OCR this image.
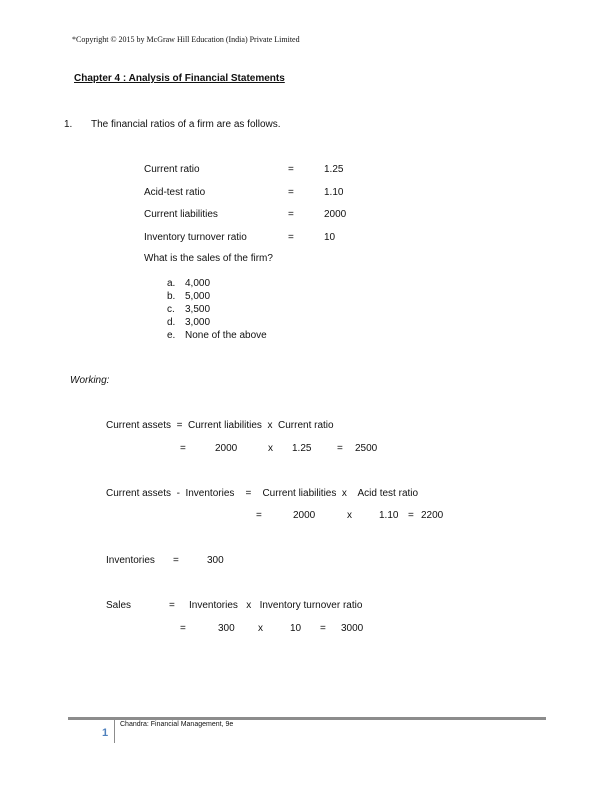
*Copyright © 2015 by McGraw Hill Education (India) Private Limited
Chapter 4 : Analysis of Financial Statements
1. The financial ratios of a firm are as follows.
Current ratio	=	1.25
Acid-test ratio	=	1.10
Current liabilities	=	2000
Inventory turnover ratio	=	10
What is the sales of the firm?
a. 4,000
b. 5,000
c. 3,500
d. 3,000
e. None of the above
Working:
Current assets  =  Current liabilities  x  Current ratio
=	2000	x 1.25	= 2500
Current assets  -  Inventories    =    Current liabilities  x    Acid test ratio
=	2000	x	1.10 = 2200
Inventories =	300
Sales	= Inventories   x   Inventory turnover ratio
=	300 x	10 = 3000
1
Chandra: Financial Management, 9e
